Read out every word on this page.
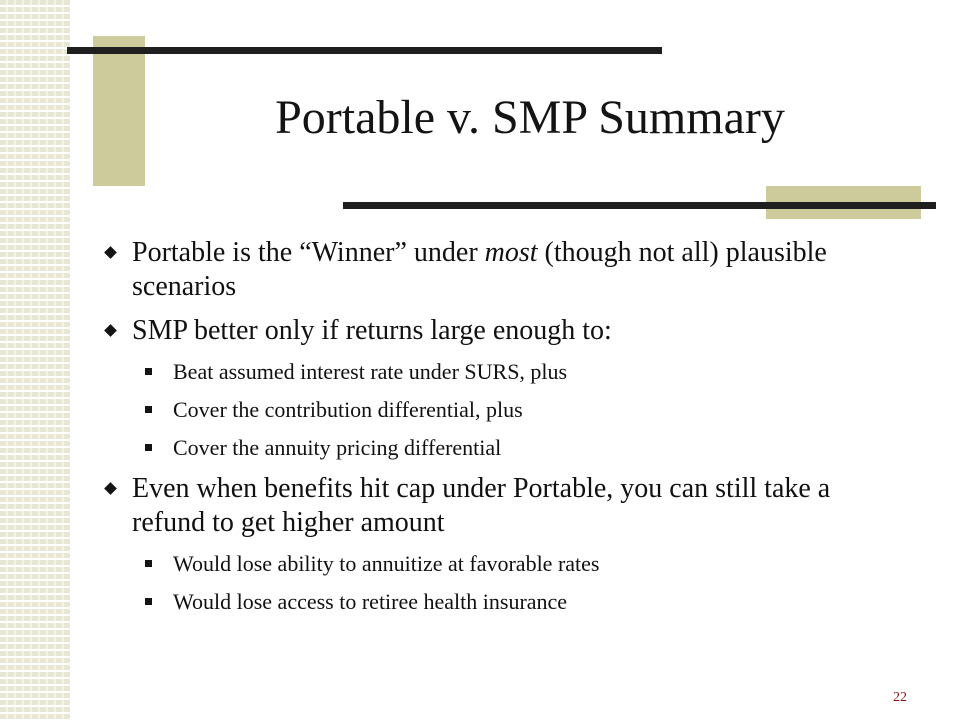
Portable v. SMP Summary
Portable is the “Winner” under most (though not all) plausible scenarios
SMP better only if returns large enough to:
Beat assumed interest rate under SURS, plus
Cover the contribution differential, plus
Cover the annuity pricing differential
Even when benefits hit cap under Portable, you can still take a refund to get higher amount
Would lose ability to annuitize at favorable rates
Would lose access to retiree health insurance
22
